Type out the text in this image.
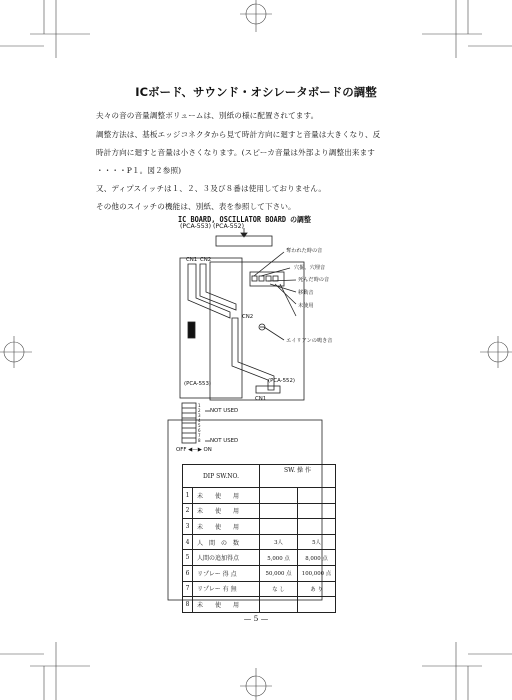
ICボード、サウンド・オシレータボードの調整
夫々の音の音量調整ボリュームは、別紙の様に配置されてます。
調整方法は、基板エッジコネクタから見て時計方向に廻すと音量は大きくなり、反
時計方向に廻すと音量は小さくなります。(スピーカ音量は外部より調整出来ます
・・・・P１。図２参照)
又、ディプスイッチは１、２、３及び８番は使用しておりません。
その他のスイッチの機能は、別紙、表を参照して下さい。
IC BOARD, OSCILLATOR BOARD の調整
(PCA-553) (PCA-552)
CN1 CN2
CN2
CN1
(PCA-553)	(PCA-552)
NOT USED
NOT USED
OFF ◀—▶ ON
奪われた時の音
穴掘、穴埋音
死んだ時の音
移動音
未使用
エイリアンの鳴き音
1
2
3
4
5
6
7
8
DIP SW.NO.		SW. 操 作	
1	未　　使　　用		
2	未　　使　　用		
3	未　　使　　用		
4	人　間　の　数	3人	5人
5	人間の追加得点	5,000 点	8,000 点
6	リプレー 得 点	50,000 点	100,000 点
7	リプレー 有 無	な し	あ り
8	未　　使　　用		
— 5 —
